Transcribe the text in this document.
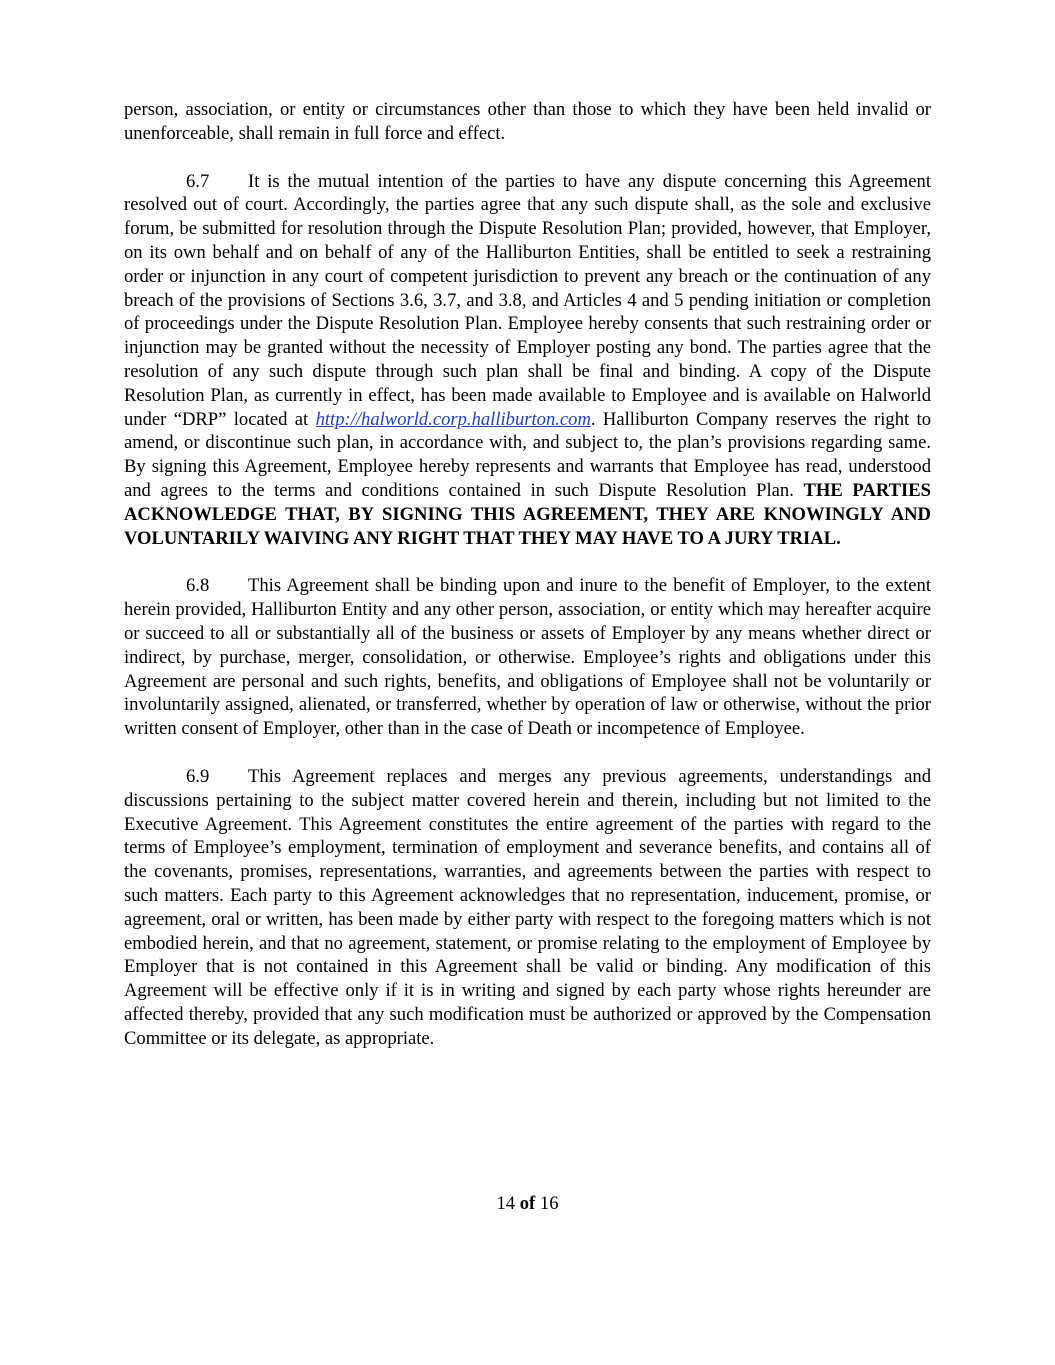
person, association, or entity or circumstances other than those to which they have been held invalid or unenforceable, shall remain in full force and effect.

6.7 It is the mutual intention of the parties to have any dispute concerning this Agreement resolved out of court. Accordingly, the parties agree that any such dispute shall, as the sole and exclusive forum, be submitted for resolution through the Dispute Resolution Plan; provided, however, that Employer, on its own behalf and on behalf of any of the Halliburton Entities, shall be entitled to seek a restraining order or injunction in any court of competent jurisdiction to prevent any breach or the continuation of any breach of the provisions of Sections 3.6, 3.7, and 3.8, and Articles 4 and 5 pending initiation or completion of proceedings under the Dispute Resolution Plan. Employee hereby consents that such restraining order or injunction may be granted without the necessity of Employer posting any bond. The parties agree that the resolution of any such dispute through such plan shall be final and binding. A copy of the Dispute Resolution Plan, as currently in effect, has been made available to Employee and is available on Halworld under “DRP” located at http://halworld.corp.halliburton.com. Halliburton Company reserves the right to amend, or discontinue such plan, in accordance with, and subject to, the plan’s provisions regarding same. By signing this Agreement, Employee hereby represents and warrants that Employee has read, understood and agrees to the terms and conditions contained in such Dispute Resolution Plan. THE PARTIES ACKNOWLEDGE THAT, BY SIGNING THIS AGREEMENT, THEY ARE KNOWINGLY AND VOLUNTARILY WAIVING ANY RIGHT THAT THEY MAY HAVE TO A JURY TRIAL.

6.8 This Agreement shall be binding upon and inure to the benefit of Employer, to the extent herein provided, Halliburton Entity and any other person, association, or entity which may hereafter acquire or succeed to all or substantially all of the business or assets of Employer by any means whether direct or indirect, by purchase, merger, consolidation, or otherwise. Employee’s rights and obligations under this Agreement are personal and such rights, benefits, and obligations of Employee shall not be voluntarily or involuntarily assigned, alienated, or transferred, whether by operation of law or otherwise, without the prior written consent of Employer, other than in the case of Death or incompetence of Employee.

6.9 This Agreement replaces and merges any previous agreements, understandings and discussions pertaining to the subject matter covered herein and therein, including but not limited to the Executive Agreement. This Agreement constitutes the entire agreement of the parties with regard to the terms of Employee’s employment, termination of employment and severance benefits, and contains all of the covenants, promises, representations, warranties, and agreements between the parties with respect to such matters. Each party to this Agreement acknowledges that no representation, inducement, promise, or agreement, oral or written, has been made by either party with respect to the foregoing matters which is not embodied herein, and that no agreement, statement, or promise relating to the employment of Employee by Employer that is not contained in this Agreement shall be valid or binding. Any modification of this Agreement will be effective only if it is in writing and signed by each party whose rights hereunder are affected thereby, provided that any such modification must be authorized or approved by the Compensation Committee or its delegate, as appropriate.

14 of 16
